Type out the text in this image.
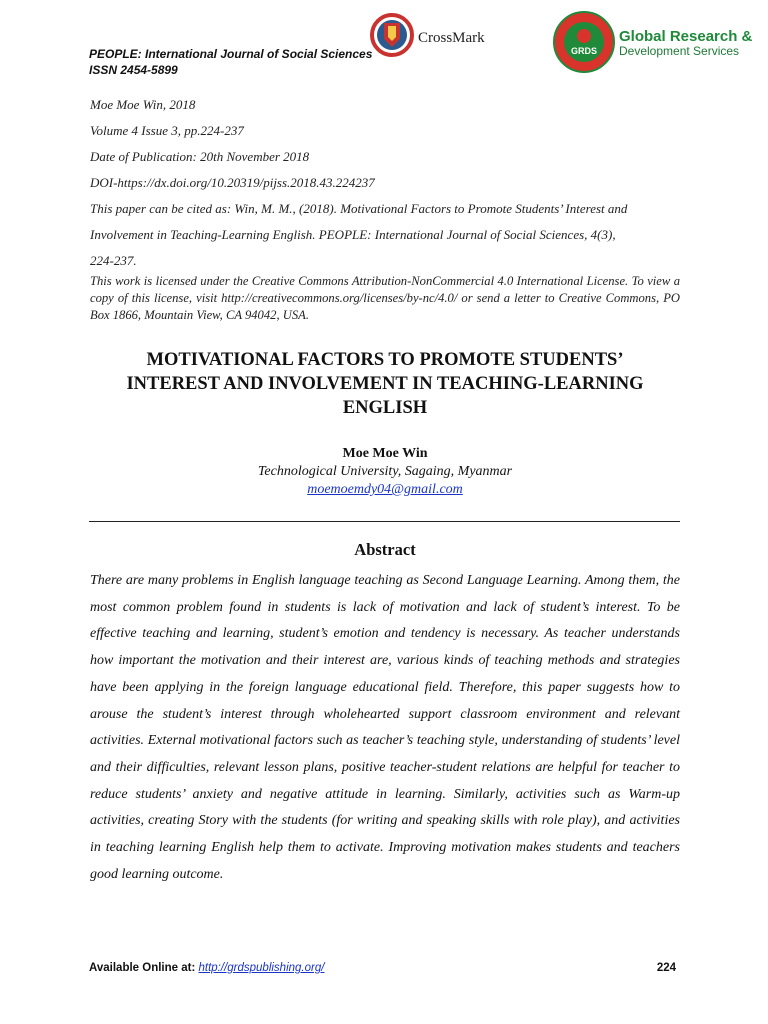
PEOPLE: International Journal of Social Sciences
ISSN 2454-5899
CrossMark
GRDS
Global Research &
Development Services
Moe Moe Win, 2018
Volume 4 Issue 3, pp.224-237
Date of Publication: 20th November 2018
DOI-https://dx.doi.org/10.20319/pijss.2018.43.224237
This paper can be cited as: Win, M. M., (2018). Motivational Factors to Promote Students’ Interest and
Involvement in Teaching-Learning English. PEOPLE: International Journal of Social Sciences, 4(3),
224-237.
This work is licensed under the Creative Commons Attribution-NonCommercial 4.0 International License. To view a copy of this license, visit http://creativecommons.org/licenses/by-nc/4.0/ or send a letter to Creative Commons, PO Box 1866, Mountain View, CA 94042, USA.
MOTIVATIONAL FACTORS TO PROMOTE STUDENTS’
INTEREST AND INVOLVEMENT IN TEACHING-LEARNING
ENGLISH
Moe Moe Win
Technological University, Sagaing, Myanmar
moemoemdy04@gmail.com
Abstract
There are many problems in English language teaching as Second Language Learning. Among them, the most common problem found in students is lack of motivation and lack of student’s interest. To be effective teaching and learning, student’s emotion and tendency is necessary. As teacher understands how important the motivation and their interest are, various kinds of teaching methods and strategies have been applying in the foreign language educational field. Therefore, this paper suggests how to arouse the student’s interest through wholehearted support classroom environment and relevant activities. External motivational factors such as teacher’s teaching style, understanding of students’ level and their difficulties, relevant lesson plans, positive teacher-student relations are helpful for teacher to reduce students’ anxiety and negative attitude in learning. Similarly, activities such as Warm-up activities, creating Story with the students (for writing and speaking skills with role play), and activities in teaching learning English help them to activate. Improving motivation makes students and teachers good learning outcome.
Available Online at: http://grdspublishing.org/	224
